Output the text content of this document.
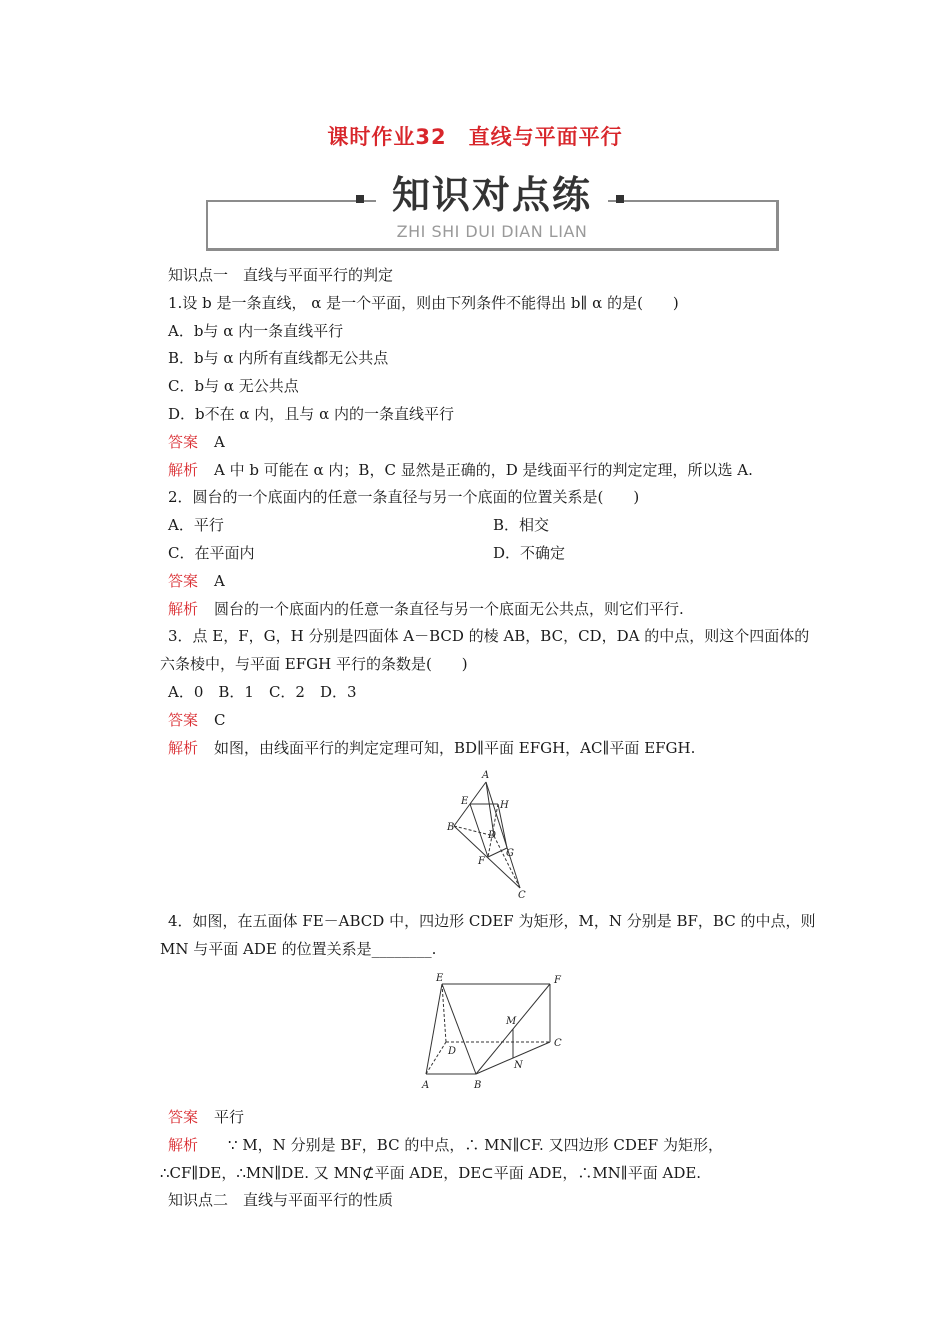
课时作业32　直线与平面平行
知识对点练
ZHI SHI DUI DIAN LIAN
知识点一　直线与平面平行的判定
1.设 b 是一条直线， α 是一个平面，则由下列条件不能得出 b∥ α 的是(　　)
A．b与 α 内一条直线平行
B．b与 α 内所有直线都无公共点
C．b与 α 无公共点
D．b不在 α 内，且与 α 内的一条直线平行
答案 A
解析 A 中 b 可能在 α 内；B，C 显然是正确的，D 是线面平行的判定定理，所以选 A.
2．圆台的一个底面内的任意一条直径与另一个底面的位置关系是(　　)
A．平行	B．相交
C．在平面内	D．不确定
答案 A
解析 圆台的一个底面内的任意一条直径与另一个底面无公共点，则它们平行.
3．点 E，F，G，H 分别是四面体 A－BCD 的棱 AB，BC，CD，DA 的中点，则这个四面体的
六条棱中，与平面 EFGH 平行的条数是(　　)
A．0　B．1　C．2　D．3
答案 C
解析 如图，由线面平行的判定定理可知，BD∥平面 EFGH，AC∥平面 EFGH.
A
E	H
B
D
F
G
C
4．如图，在五面体 FE－ABCD 中，四边形 CDEF 为矩形，M，N 分别是 BF，BC 的中点，则
MN 与平面 ADE 的位置关系是________.
E	F
M
C
D
N
A	B
答案 平行
解析 ∵ M，N 分别是 BF，BC 的中点，∴ MN∥CF. 又四边形 CDEF 为矩形，
∴CF∥DE，∴MN∥DE. 又 MN⊄平面 ADE，DE⊂平面 ADE，∴MN∥平面 ADE.
知识点二　直线与平面平行的性质
